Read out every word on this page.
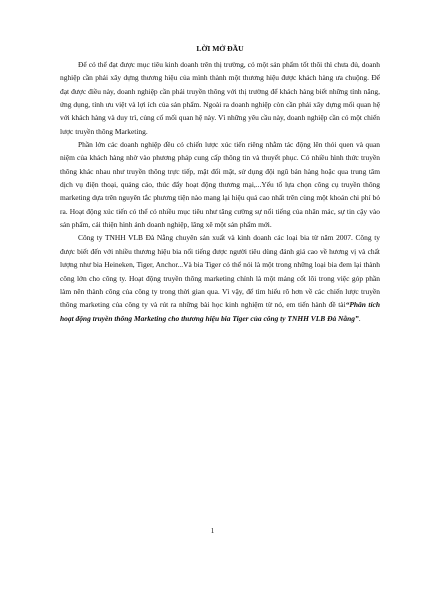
LỜI MỞ ĐẦU

Để có thể đạt được mục tiêu kinh doanh trên thị trường, có một sản phẩm tốt thôi thì chưa đủ, doanh nghiệp cần phải xây dựng thương hiệu của mình thành một thương hiệu được khách hàng ưa chuộng. Để đạt được điều này, doanh nghiệp cần phải truyền thông với thị trường để khách hàng biết những tính năng, ứng dụng, tính ưu việt và lợi ích của sản phẩm. Ngoài ra doanh nghiệp còn cần phải xây dựng mối quan hệ với khách hàng và duy trì, củng cố mối quan hệ này. Vì những yêu cầu này, doanh nghiệp cần có một chiến lược truyền thông Marketing.

Phần lớn các doanh nghiệp đều có chiến lược xúc tiến riêng nhằm tác động lên thói quen và quan niệm của khách hàng nhờ vào phương pháp cung cấp thông tin và thuyết phục. Có nhiều hình thức truyền thông khác nhau như truyền thông trực tiếp, mặt đối mặt, sử dụng đội ngũ bán hàng hoặc qua trung tâm dịch vụ điện thoại, quảng cáo, thúc đẩy hoạt động thương mại,...Yếu tố lựa chọn công cụ truyền thông marketing dựa trên nguyên tắc phương tiện nào mang lại hiệu quả cao nhất trên cùng một khoản chi phí bỏ ra. Hoạt động xúc tiến có thể có nhiều mục tiêu như tăng cường sự nổi tiếng của nhãn mác, sự tin cậy vào sản phẩm, cải thiện hình ảnh doanh nghiệp, lãng xê một sản phẩm mới.

Công ty TNHH VLB Đà Nẵng chuyên sản xuất và kinh doanh các loại bia từ năm 2007. Công ty được biết đến với nhiều thương hiệu bia nổi tiếng được người tiêu dùng đánh giá cao về hương vị và chất lượng như bia Heineken, Tiger, Anchor...Và bia Tiger có thể nói là một trong những loại bia đem lại thành công lớn cho công ty. Hoạt động truyền thông marketing chính là một mảng cốt lõi trong việc góp phần làm nên thành công của công ty trong thời gian qua. Vì vậy, để tìm hiểu rõ hơn về các chiến lược truyền thông marketing của công ty và rút ra những bài học kinh nghiệm từ nó, em tiến hành đề tài“Phân tích hoạt động truyền thông Marketing cho thương hiệu bia Tiger của công ty TNHH VLB Đà Nẵng”.

1
